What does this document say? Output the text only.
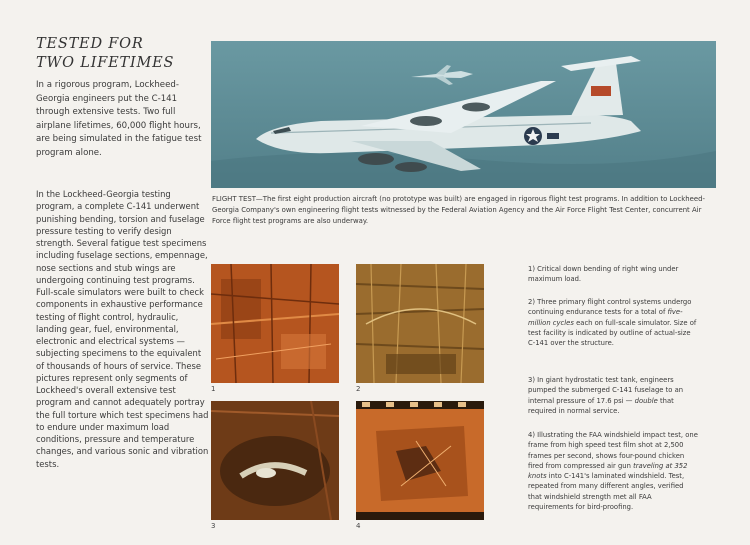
TESTED FOR
TWO LIFETIMES
In a rigorous program, Lockheed-Georgia engineers put the C-141 through extensive tests. Two full airplane lifetimes, 60,000 flight hours, are being simulated in the fatigue test program alone.
In the Lockheed-Georgia testing program, a complete C-141 underwent punishing bending, torsion and fuselage pressure testing to verify design strength. Several fatigue test specimens including fuselage sections, empennage, nose sections and stub wings are undergoing continuing test programs. Full-scale simulators were built to check components in exhaustive performance testing of flight control, hydraulic, landing gear, fuel, environmental, electronic and electrical systems — subjecting specimens to the equivalent of thousands of hours of service. These pictures represent only segments of Lockheed's overall extensive test program and cannot adequately portray the full torture which test specimens had to endure under maximum load conditions, pressure and temperature changes, and various sonic and vibration tests.
FLIGHT TEST—The first eight production aircraft (no prototype was built) are engaged in rigorous flight test programs. In addition to Lockheed-Georgia Company's own engineering flight tests witnessed by the Federal Aviation Agency and the Air Force Flight Test Center, concurrent Air Force flight test programs are also underway.
1	2
3	4
1) Critical down bending of right wing under maximum load.
2) Three primary flight control systems undergo continuing endurance tests for a total of five-million cycles each on full-scale simulator. Size of test facility is indicated by outline of actual-size C-141 over the structure.
3) In giant hydrostatic test tank, engineers pumped the submerged C-141 fuselage to an internal pressure of 17.6 psi — double that required in normal service.
4) Illustrating the FAA windshield impact test, one frame from high speed test film shot at 2,500 frames per second, shows four-pound chicken fired from compressed air gun traveling at 352 knots into C-141's laminated windshield. Test, repeated from many different angles, verified that windshield strength met all FAA requirements for bird-proofing.
